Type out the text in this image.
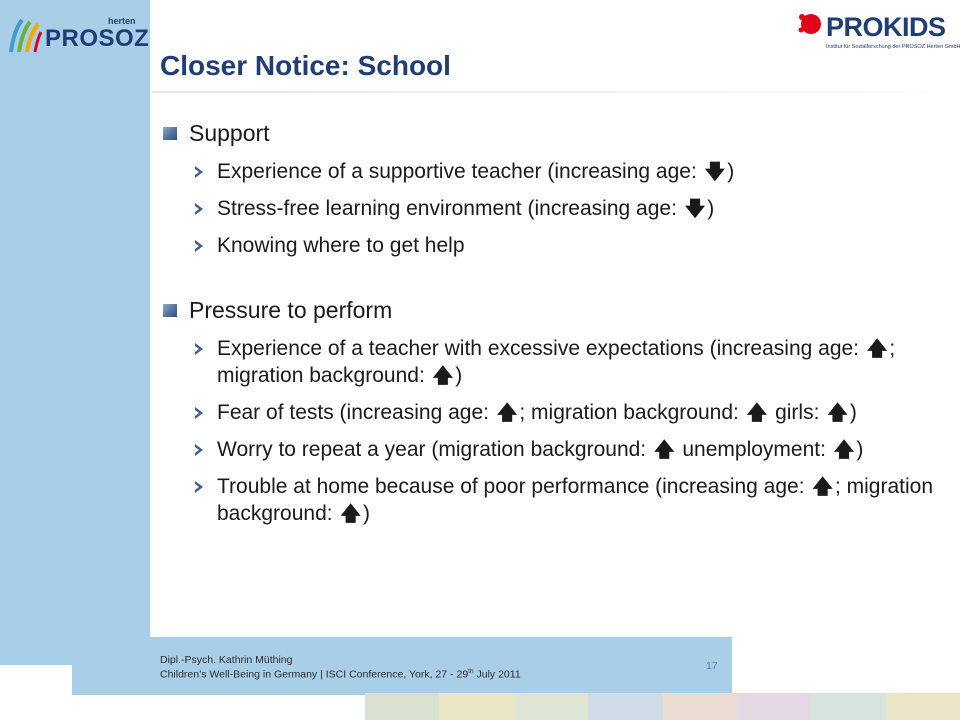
PROSOZ
herten	PROKIDS
Institut für Sozialforschung der PROSOZ Herten GmbH
Closer Notice: School
Support
Experience of a supportive teacher (increasing age: 🡇)
Stress-free learning environment (increasing age: 🡇)
Knowing where to get help
Pressure to perform
Experience of a teacher with excessive expectations (increasing age: 🡅; migration background: 🡅)
Fear of tests (increasing age: 🡅; migration background: 🡅 girls: 🡅)
Worry to repeat a year (migration background: 🡅 unemployment: 🡅)
Trouble at home because of poor performance (increasing age: 🡅; migration background: 🡅)
Dipl.-Psych. Kathrin Müthing
Children’s Well-Being in Germany | ISCI Conference, York, 27 - 29th July 2011
17
